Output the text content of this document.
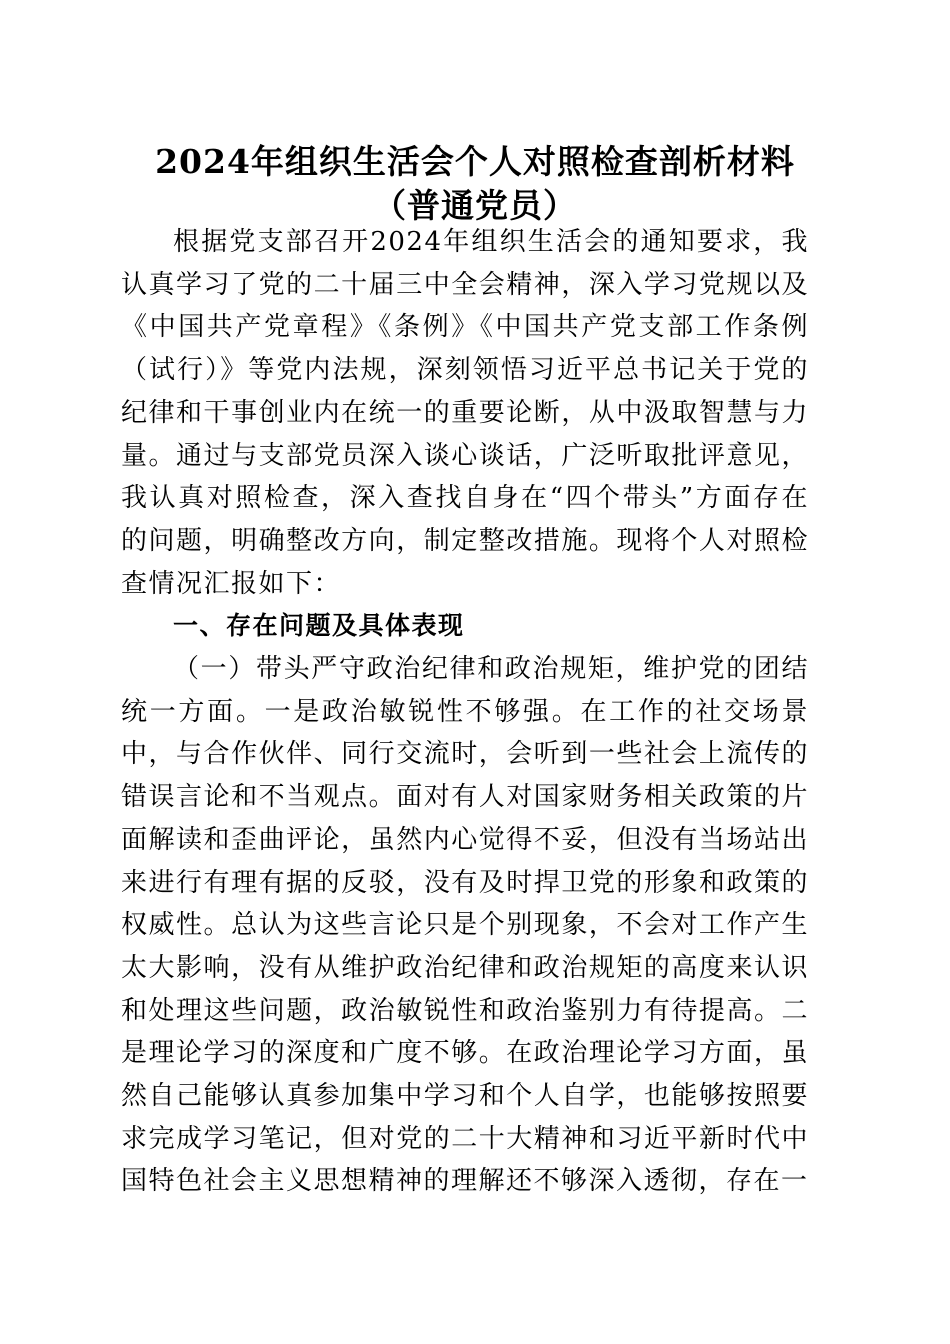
2024年组织生活会个人对照检查剖析材料
（普通党员）

根据党支部召开2024年组织生活会的通知要求，我认真学习了党的二十届三中全会精神，深入学习党规以及《中国共产党章程》《条例》《中国共产党支部工作条例（试行）》等党内法规，深刻领悟习近平总书记关于党的纪律和干事创业内在统一的重要论断，从中汲取智慧与力量。通过与支部党员深入谈心谈话，广泛听取批评意见，我认真对照检查，深入查找自身在“四个带头”方面存在的问题，明确整改方向，制定整改措施。现将个人对照检查情况汇报如下：

一、存在问题及具体表现

（一）带头严守政治纪律和政治规矩，维护党的团结统一方面。一是政治敏锐性不够强。在工作的社交场景中，与合作伙伴、同行交流时，会听到一些社会上流传的错误言论和不当观点。面对有人对国家财务相关政策的片面解读和歪曲评论，虽然内心觉得不妥，但没有当场站出来进行有理有据的反驳，没有及时捍卫党的形象和政策的权威性。总认为这些言论只是个别现象，不会对工作产生太大影响，没有从维护政治纪律和政治规矩的高度来认识和处理这些问题，政治敏锐性和政治鉴别力有待提高。二是理论学习的深度和广度不够。在政治理论学习方面，虽然自己能够认真参加集中学习和个人自学，也能够按照要求完成学习笔记，但对党的二十大精神和习近平新时代中国特色社会主义思想精神的理解还不够深入透彻，存在一
